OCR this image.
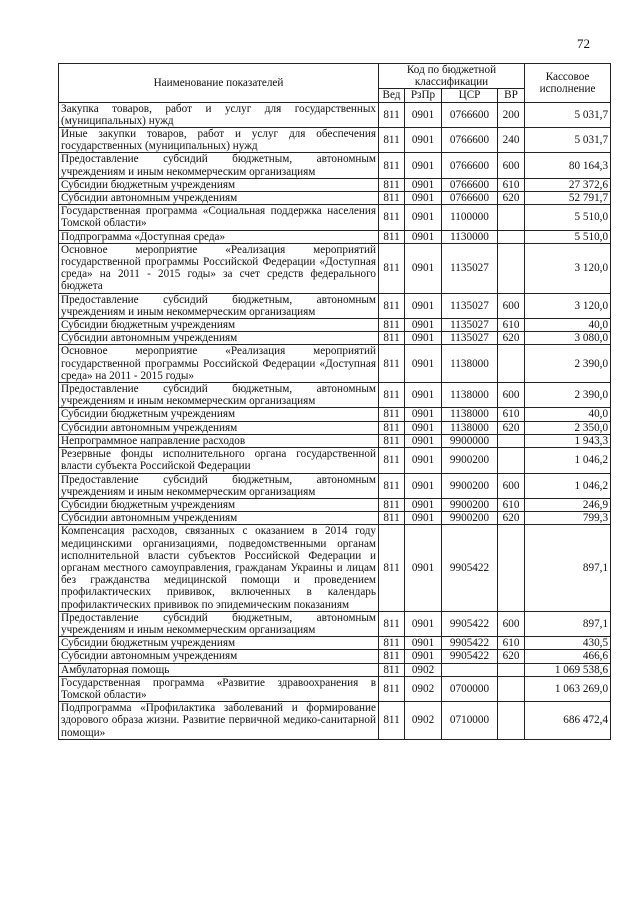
72
Наименование показателей	Код по бюджетной классификации				Кассовое исполнение
	Вед	РзПр	ЦСР	ВР	
Закупка товаров, работ и услуг для государственных (муниципальных) нужд	811	0901	0766600	200	5 031,7
Иные закупки товаров, работ и услуг для обеспечения государственных (муниципальных) нужд	811	0901	0766600	240	5 031,7
Предоставление субсидий бюджетным, автономным учреждениям и иным некоммерческим организациям	811	0901	0766600	600	80 164,3
Субсидии бюджетным учреждениям	811	0901	0766600	610	27 372,6
Субсидии автономным учреждениям	811	0901	0766600	620	52 791,7
Государственная программа «Социальная поддержка населения Томской области»	811	0901	1100000		5 510,0
Подпрограмма «Доступная среда»	811	0901	1130000		5 510,0
Основное мероприятие «Реализация мероприятий государственной программы Российской Федерации «Доступная среда» на 2011 - 2015 годы» за счет средств федерального бюджета	811	0901	1135027		3 120,0
Предоставление субсидий бюджетным, автономным учреждениям и иным некоммерческим организациям	811	0901	1135027	600	3 120,0
Субсидии бюджетным учреждениям	811	0901	1135027	610	40,0
Субсидии автономным учреждениям	811	0901	1135027	620	3 080,0
Основное мероприятие «Реализация мероприятий государственной программы Российской Федерации «Доступная среда» на 2011 - 2015 годы»	811	0901	1138000		2 390,0
Предоставление субсидий бюджетным, автономным учреждениям и иным некоммерческим организациям	811	0901	1138000	600	2 390,0
Субсидии бюджетным учреждениям	811	0901	1138000	610	40,0
Субсидии автономным учреждениям	811	0901	1138000	620	2 350,0
Непрограммное направление расходов	811	0901	9900000		1 943,3
Резервные фонды исполнительного органа государственной власти субъекта Российской Федерации	811	0901	9900200		1 046,2
Предоставление субсидий бюджетным, автономным учреждениям и иным некоммерческим организациям	811	0901	9900200	600	1 046,2
Субсидии бюджетным учреждениям	811	0901	9900200	610	246,9
Субсидии автономным учреждениям	811	0901	9900200	620	799,3
Компенсация расходов, связанных с оказанием в 2014 году медицинскими организациями, подведомственными органам исполнительной власти субъектов Российской Федерации и органам местного самоуправления, гражданам Украины и лицам без гражданства медицинской помощи и проведением профилактических прививок, включенных в календарь профилактических прививок по эпидемическим показаниям	811	0901	9905422		897,1
Предоставление субсидий бюджетным, автономным учреждениям и иным некоммерческим организациям	811	0901	9905422	600	897,1
Субсидии бюджетным учреждениям	811	0901	9905422	610	430,5
Субсидии автономным учреждениям	811	0901	9905422	620	466,6
Амбулаторная помощь	811	0902			1 069 538,6
Государственная программа «Развитие здравоохранения в Томской области»	811	0902	0700000		1 063 269,0
Подпрограмма «Профилактика заболеваний и формирование здорового образа жизни. Развитие первичной медико-санитарной помощи»	811	0902	0710000		686 472,4
